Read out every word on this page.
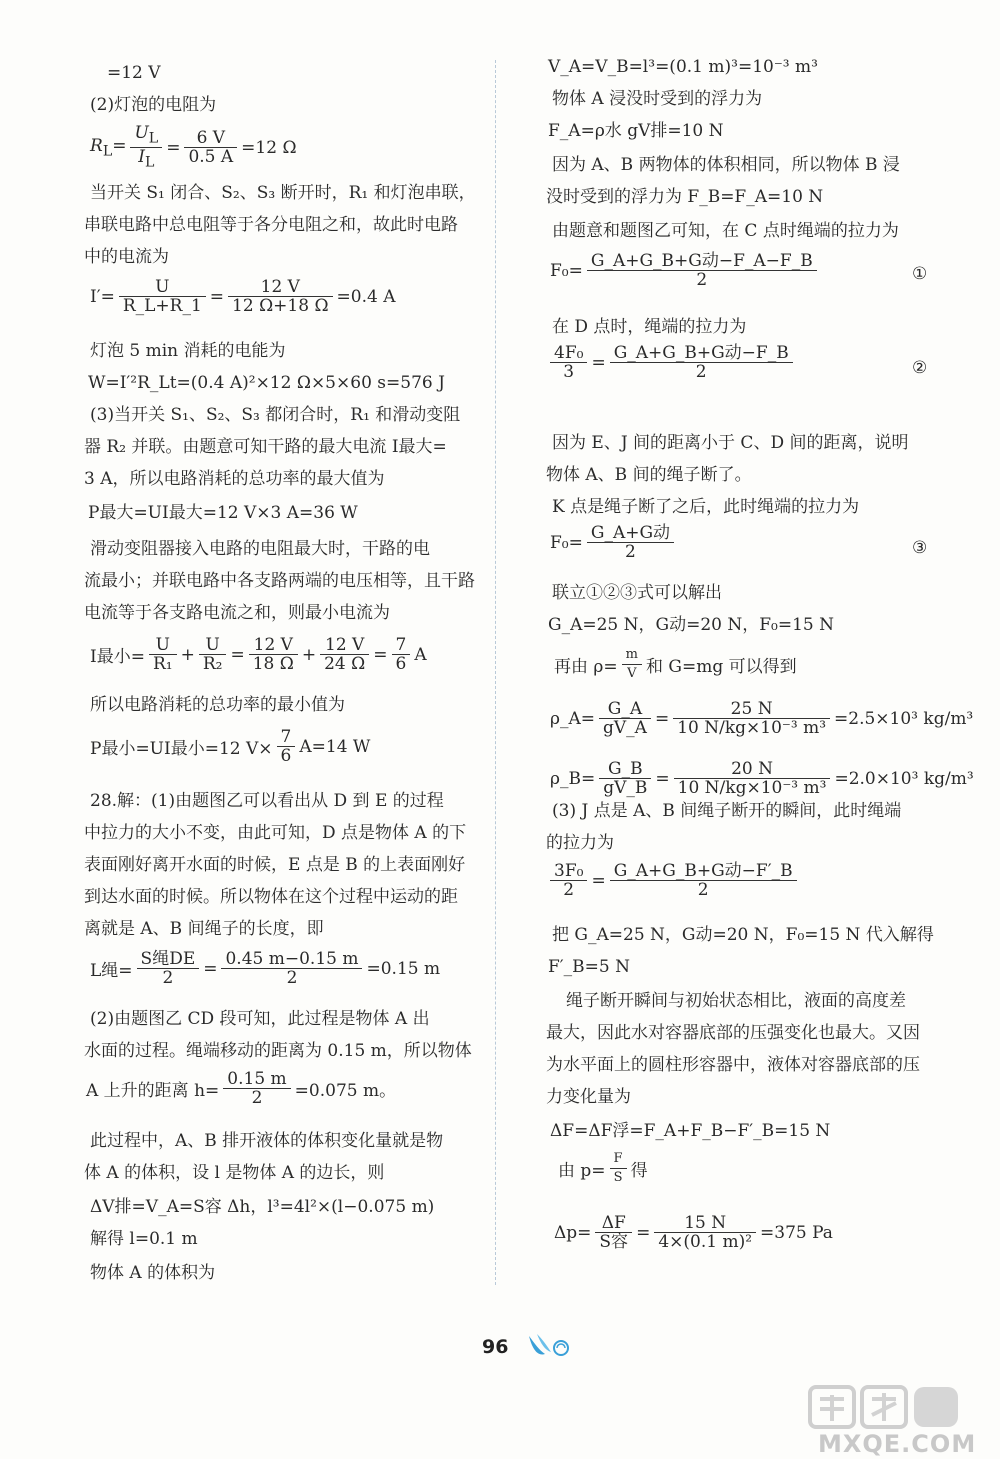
=12 V
(2)灯泡的电阻为
$R_L= \frac{U_L}{I_L} = \frac{6 V}{0.5 A} =12$ Ω
当开关 S₁ 闭合、S₂、S₃ 断开时，R₁ 和灯泡串联，
串联电路中总电阻等于各分电阻之和，故此时电路
中的电流为
$I'= \frac{U}{R\_L+R\_1} = \frac{12 V}{12 \Omega+18 \Omega} =0.4$ A
灯泡 5 min 消耗的电能为
W=I′²R_Lt=(0.4 A)²×12 Ω×5×60 s=576 J
(3)当开关 S₁、S₂、S₃ 都闭合时，R₁ 和滑动变阻
器 R₂ 并联。由题意可知干路的最大电流 I最大=
3 A，所以电路消耗的总功率的最大值为
P最大=UI最大=12 V×3 A=36 W
滑动变阻器接入电路的电阻最大时，干路的电
流最小；并联电路中各支路两端的电压相等，且干路
电流等于各支路电流之和，则最小电流为
I最小= $\frac{U}{\text{R₁}} + \frac{U}{\text{R₂}} = \frac{12 V}{18 \Omega} + \frac{12 V}{24 \Omega} = \frac{7}{6}$ A
所以电路消耗的总功率的最小值为
P最小=UI最小=12 $V\times \frac{7}{6} A=14$ W
28.解：(1)由题图乙可以看出从 D 到 E 的过程
中拉力的大小不变，由此可知，D 点是物体 A 的下
表面刚好离开水面的时候，E 点是 B 的上表面刚好
到达水面的时候。所以物体在这个过程中运动的距
离就是 A、B 间绳子的长度，即
L绳= $\frac{\text{S绳DE}}{2} = \frac{0.45 m-0.15 m}{2} =0.15$ m
(2)由题图乙 CD 段可知，此过程是物体 A 出
水面的过程。绳端移动的距离为 0.15 m，所以物体
A 上升的距离 $h= \frac{0.15 m}{2} =0.075$ m。
此过程中，A、B 排开液体的体积变化量就是物
体 A 的体积，设 l 是物体 A 的边长，则
ΔV排=V_A=S容 Δh，l³=4l²×(l−0.075 m)
解得 l=0.1 m
物体 A 的体积为
V_A=V_B=l³=(0.1 m)³=10⁻³ m³
物体 A 浸没时受到的浮力为
F_A=ρ水 gV排=10 N
因为 A、B 两物体的体积相同，所以物体 B 浸
没时受到的浮力为 F_B=F_A=10 N
由题意和题图乙可知，在 C 点时绳端的拉力为
$F_0= \frac{\text{G\_A+G\_B+G动−F\_A−F\_B}}{2}$	①
在 D 点时，绳端的拉力为
$\frac{\text{4F₀}}{3} = \frac{\text{G\_A+G\_B+G动−F\_B}}{2}$	②
因为 E、J 间的距离小于 C、D 间的距离，说明
物体 A、B 间的绳子断了。
K 点是绳子断了之后，此时绳端的拉力为
$F_0= \frac{\text{G\_A+G动}}{2}$	③
联立①②③式可以解出
G_A=25 N，G动=20 N，F₀=15 N
再由 $\rho= \frac{m}{V}$ 和 G=mg 可以得到
ρ_A= $\frac{G\_A}{gV\_A} = \frac{25 N}{\text{10 N/kg×10⁻³ m³}} =2.5\times 10^3$ kg/m³
ρ_B= $\frac{G\_B}{gV\_B} = \frac{20 N}{\text{10 N/kg×10⁻³ m³}} =2.0\times 10^3$ kg/m³
(3) J 点是 A、B 间绳子断开的瞬间，此时绳端
的拉力为
$\frac{\text{3F₀}}{2} = \frac{\text{G\_A+G\_B+G动−F′\_B}}{2}$
把 G_A=25 N，G动=20 N，F₀=15 N 代入解得
F′_B=5 N
绳子断开瞬间与初始状态相比，液面的高度差
最大，因此水对容器底部的压强变化也最大。又因
为水平面上的圆柱形容器中，液体对容器底部的压
力变化量为
ΔF=ΔF浮=F_A+F_B−F′_B=15 N
由 $p= \frac{F}{S}$ 得
$\Delta p= \frac{\Delta F}{\text{S容}} = \frac{15 N}{\text{4×(0.1 m)²}} =375$ Pa
96
MXQE.COM
